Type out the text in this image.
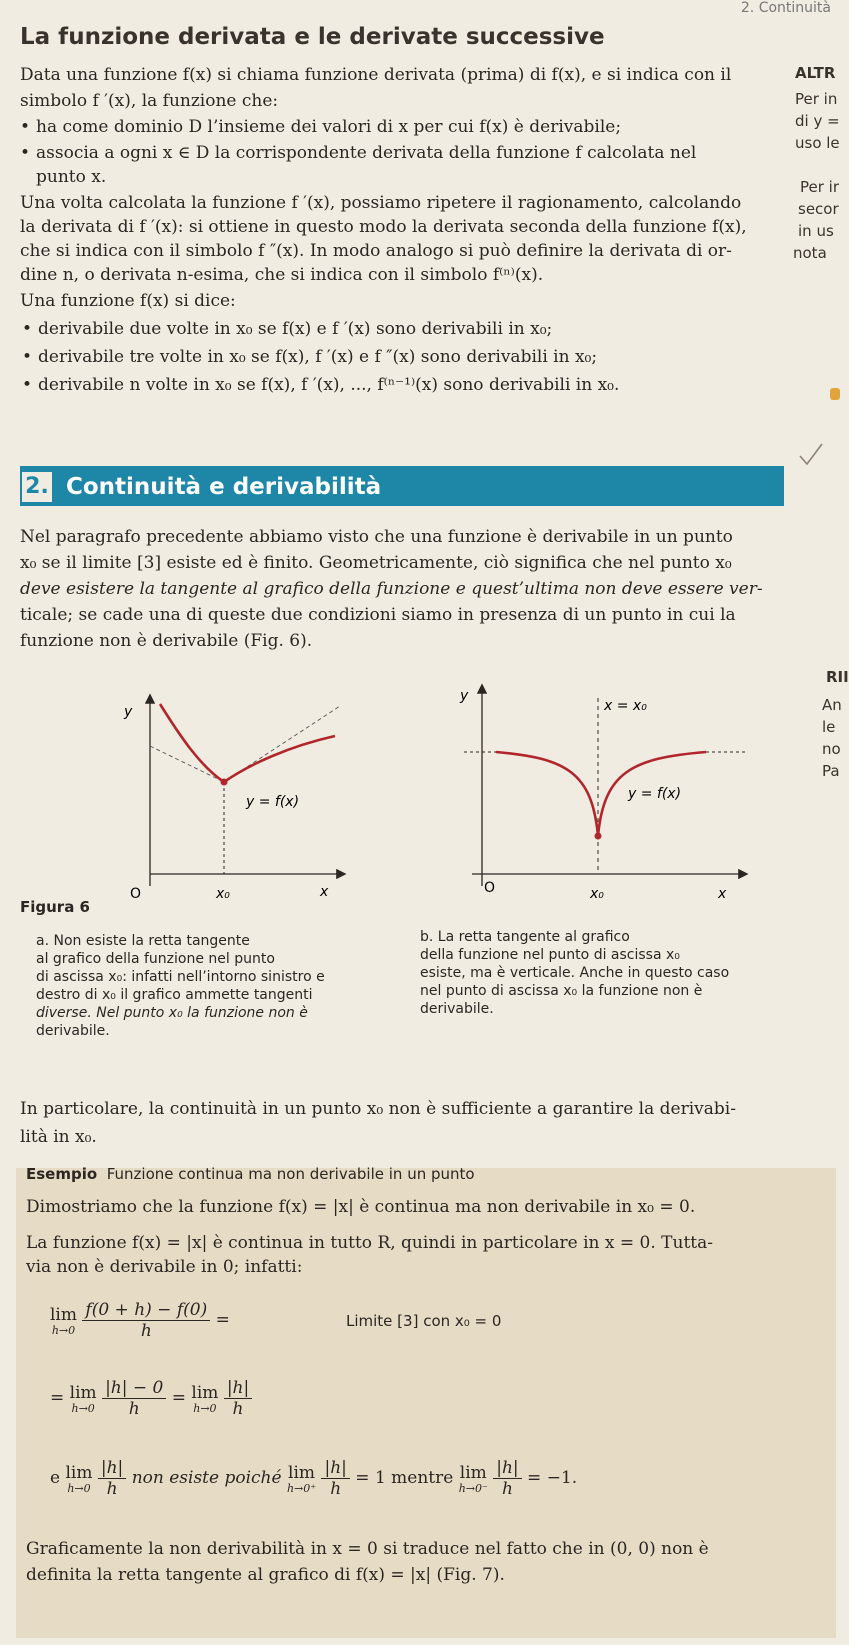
2. Continuità
La funzione derivata e le derivate successive
Data una funzione f(x) si chiama funzione derivata (prima) di f(x), e si indica con il
simbolo f ′(x), la funzione che:
• ha come dominio D l’insieme dei valori di x per cui f(x) è derivabile;
• associa a ogni x ∈ D la corrispondente derivata della funzione f calcolata nel
punto x.
Una volta calcolata la funzione f ′(x), possiamo ripetere il ragionamento, calcolando
la derivata di f ′(x): si ottiene in questo modo la derivata seconda della funzione f(x),
che si indica con il simbolo f ″(x). In modo analogo si può definire la derivata di or-
dine n, o derivata n-esima, che si indica con il simbolo f⁽ⁿ⁾(x).
Una funzione f(x) si dice:
• derivabile due volte in x₀ se f(x) e f ′(x) sono derivabili in x₀;
• derivabile tre volte in x₀ se f(x), f ′(x) e f ″(x) sono derivabili in x₀;
• derivabile n volte in x₀ se f(x), f ′(x), ..., f⁽ⁿ⁻¹⁾(x) sono derivabili in x₀.
ALTR
Per in
di y =
uso le
Per ir
secor
in us
nota
RII
An
le
no
Pa
2. Continuità e derivabilità
Nel paragrafo precedente abbiamo visto che una funzione è derivabile in un punto
x₀ se il limite [3] esiste ed è finito. Geometricamente, ciò significa che nel punto x₀
deve esistere la tangente al grafico della funzione e quest’ultima non deve essere ver-
ticale; se cade una di queste due condizioni siamo in presenza di un punto in cui la
funzione non è derivabile (Fig. 6).
y
x
O	x₀
y = f(x)
Figura 6
y
x
O	x₀
x = x₀
y = f(x)
a. Non esiste la retta tangente
al grafico della funzione nel punto
di ascissa x₀: infatti nell’intorno sinistro e
destro di x₀ il grafico ammette tangenti
diverse. Nel punto x₀ la funzione non è
derivabile.
b. La retta tangente al grafico
della funzione nel punto di ascissa x₀
esiste, ma è verticale. Anche in questo caso
nel punto di ascissa x₀ la funzione non è
derivabile.
In particolare, la continuità in un punto x₀ non è sufficiente a garantire la derivabi-
lità in x₀.
Esempio Funzione continua ma non derivabile in un punto
Dimostriamo che la funzione f(x) = |x| è continua ma non derivabile in x₀ = 0.
La funzione f(x) = |x| è continua in tutto R, quindi in particolare in x = 0. Tutta-
via non è derivabile in 0; infatti:
lim
h→0
$\frac{f(0 + h) - f(0)}{h}$ =	Limite [3] con x₀ = 0
= lim
h→0
$\frac{|h| - 0}{h} = \lim$
h→0
$\frac{|h|}{h}$
e lim
h→0
$\frac{|h|}{h}$ non esiste poiché lim
h→0⁺
$\frac{|h|}{h} = 1$ mentre lim
h→0⁻
$\frac{|h|}{h} = -1$.
Graficamente la non derivabilità in x = 0 si traduce nel fatto che in (0, 0) non è
definita la retta tangente al grafico di f(x) = |x| (Fig. 7).
